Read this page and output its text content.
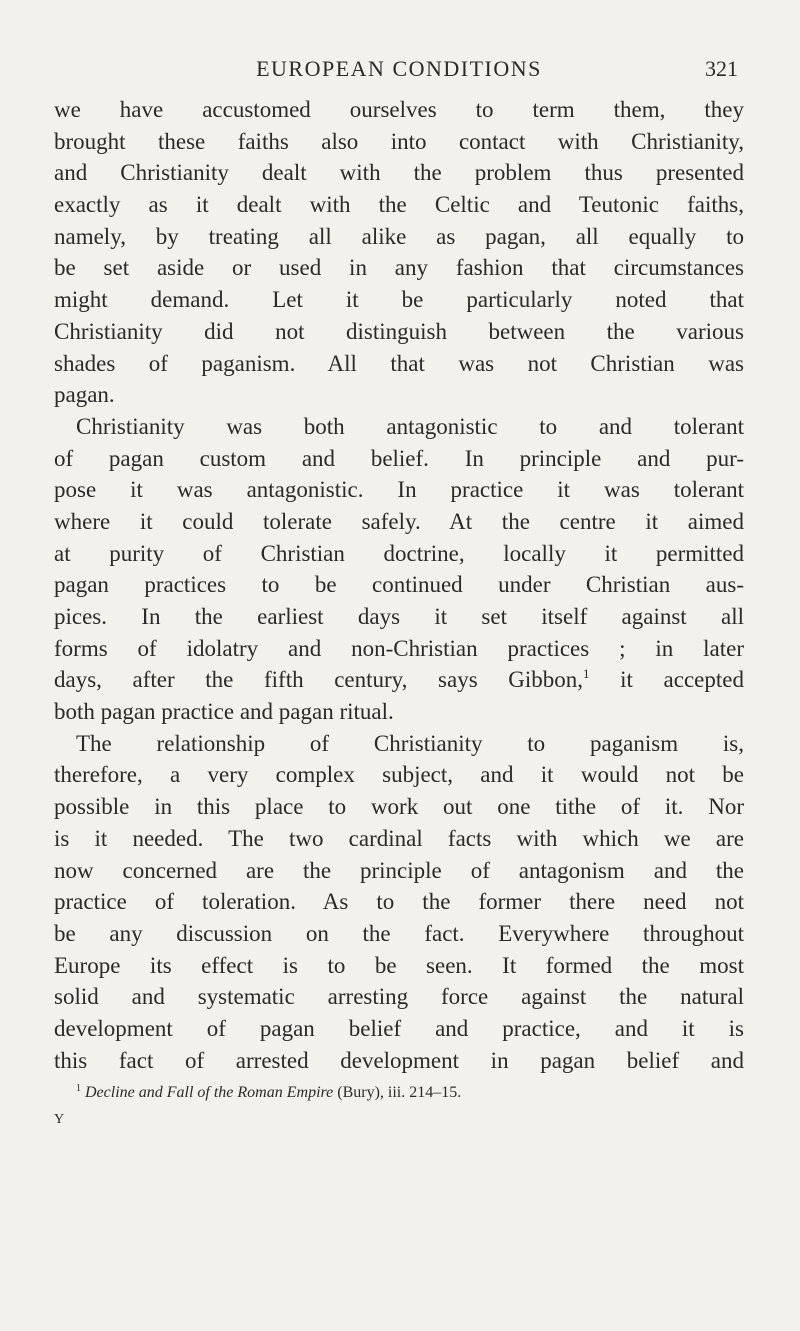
EUROPEAN CONDITIONS	321
we have accustomed ourselves to term them, they
brought these faiths also into contact with Christianity,
and Christianity dealt with the problem thus presented
exactly as it dealt with the Celtic and Teutonic faiths,
namely, by treating all alike as pagan, all equally to
be set aside or used in any fashion that circumstances
might demand. Let it be particularly noted that
Christianity did not distinguish between the various
shades of paganism. All that was not Christian was
pagan.
Christianity was both antagonistic to and tolerant
of pagan custom and belief. In principle and pur-
pose it was antagonistic. In practice it was tolerant
where it could tolerate safely. At the centre it aimed
at purity of Christian doctrine, locally it permitted
pagan practices to be continued under Christian aus-
pices. In the earliest days it set itself against all
forms of idolatry and non-Christian practices ; in later
days, after the fifth century, says Gibbon,$^1$ it accepted
both pagan practice and pagan ritual.
The relationship of Christianity to paganism is,
therefore, a very complex subject, and it would not be
possible in this place to work out one tithe of it. Nor
is it needed. The two cardinal facts with which we are
now concerned are the principle of antagonism and the
practice of toleration. As to the former there need not
be any discussion on the fact. Everywhere throughout
Europe its effect is to be seen. It formed the most
solid and systematic arresting force against the natural
development of pagan belief and practice, and it is
this fact of arrested development in pagan belief and
$^1$ Decline and Fall of the Roman Empire (Bury), iii. 214–15.
Y
